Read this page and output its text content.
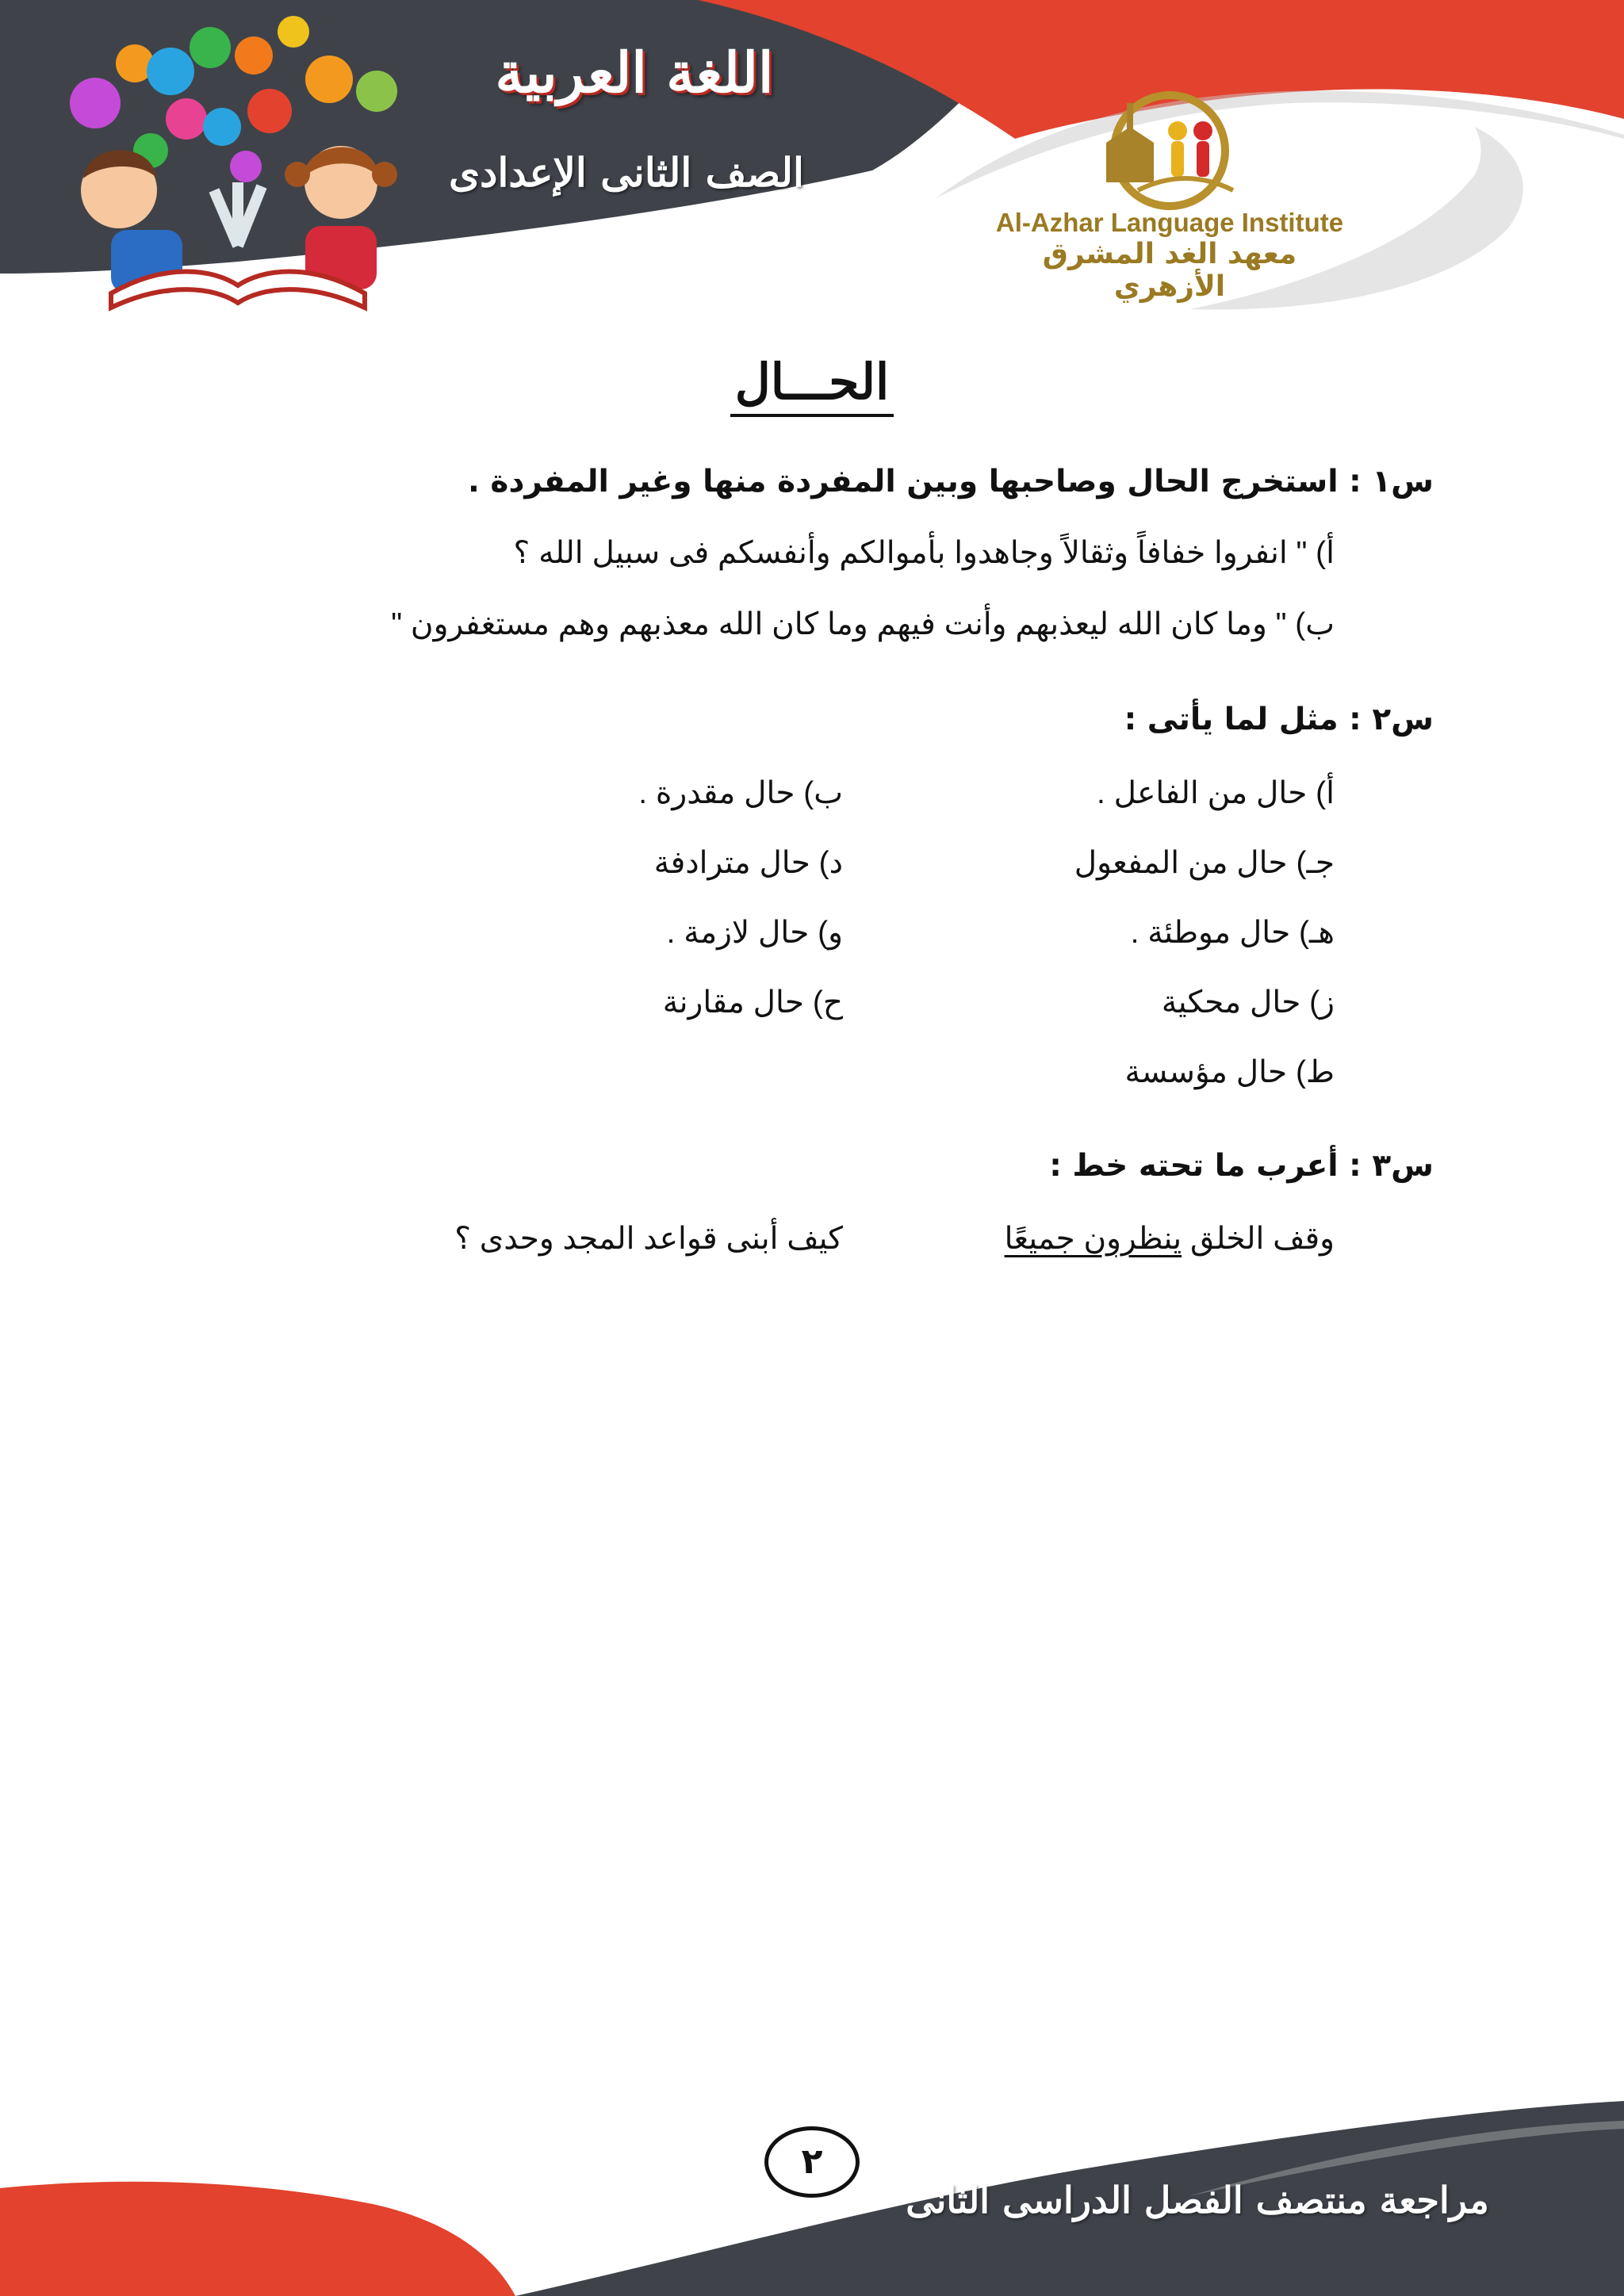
اللغة العربية
الصف الثانى الإعدادى
Al-Azhar Language Institute
معهد الغد المشرق الأزهري
الحـــال
س١ : استخرج الحال وصاحبها وبين المفردة منها وغير المفردة .
أ) " انفروا خفافاً وثقالاً وجاهدوا بأموالكم وأنفسكم فى سبيل الله ؟
ب) " وما كان الله ليعذبهم وأنت فيهم وما كان الله معذبهم وهم مستغفرون "
س٢ : مثل لما يأتى :
أ) حال من الفاعل .
ب) حال مقدرة .
جـ) حال من المفعول
د) حال مترادفة
هـ) حال موطئة .
و) حال لازمة .
ز) حال محكية
ح) حال مقارنة
ط) حال مؤسسة
س٣ : أعرب ما تحته خط :
وقف الخلق ينظرون جميعًا
كيف أبنى قواعد المجد وحدى ؟
٢
مراجعة منتصف الفصل الدراسى الثانى
